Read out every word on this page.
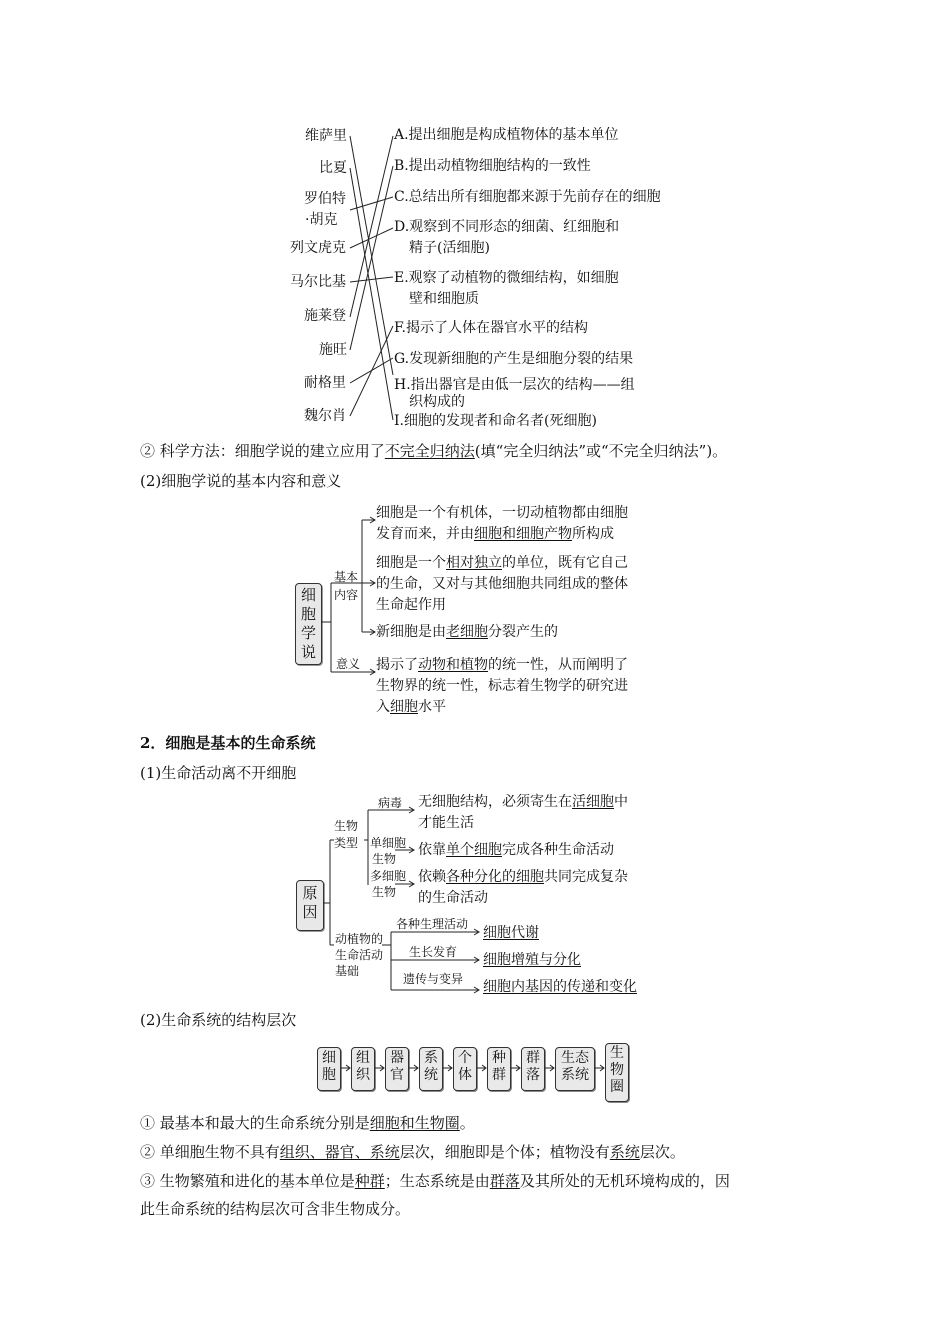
维萨里
比夏
罗伯特
·胡克
列文虎克
马尔比基
施莱登
施旺
耐格里
魏尔肖
A.提出细胞是构成植物体的基本单位
B.提出动植物细胞结构的一致性
C.总结出所有细胞都来源于先前存在的细胞
D.观察到不同形态的细菌、红细胞和
精子(活细胞)
E.观察了动植物的微细结构，如细胞
壁和细胞质
F.揭示了人体在器官水平的结构
G.发现新细胞的产生是细胞分裂的结果
H.指出器官是由低一层次的结构——组
织构成的
I.细胞的发现者和命名者(死细胞)
② 科学方法：细胞学说的建立应用了不完全归纳法(填“完全归纳法”或“不完全归纳法”)。
(2)细胞学说的基本内容和意义
细胞学说
基本内容
意义
细胞是一个有机体，一切动植物都由细胞
发育而来，并由细胞和细胞产物所构成
细胞是一个相对独立的单位，既有它自己
的生命，又对与其他细胞共同组成的整体
生命起作用
新细胞是由老细胞分裂产生的
揭示了动物和植物的统一性，从而阐明了
生物界的统一性，标志着生物学的研究进
入细胞水平
2．细胞是基本的生命系统
(1)生命活动离不开细胞
原因
生物类型
病毒
单细胞
生物
多细胞
生物
无细胞结构，必须寄生在活细胞中
才能生活
依靠单个细胞完成各种生命活动
依赖各种分化的细胞共同完成复杂
的生命活动
动植物的
生命活动
基础
各种生理活动
生长发育
遗传与变异
细胞代谢
细胞增殖与分化
细胞内基因的传递和变化
(2)生命系统的结构层次
细胞
组织
器官
系统
个体
种群
群落
生态系统
生物圈
① 最基本和最大的生命系统分别是细胞和生物圈。
② 单细胞生物不具有组织、器官、系统层次，细胞即是个体；植物没有系统层次。
③ 生物繁殖和进化的基本单位是种群；生态系统是由群落及其所处的无机环境构成的，因
此生命系统的结构层次可含非生物成分。
